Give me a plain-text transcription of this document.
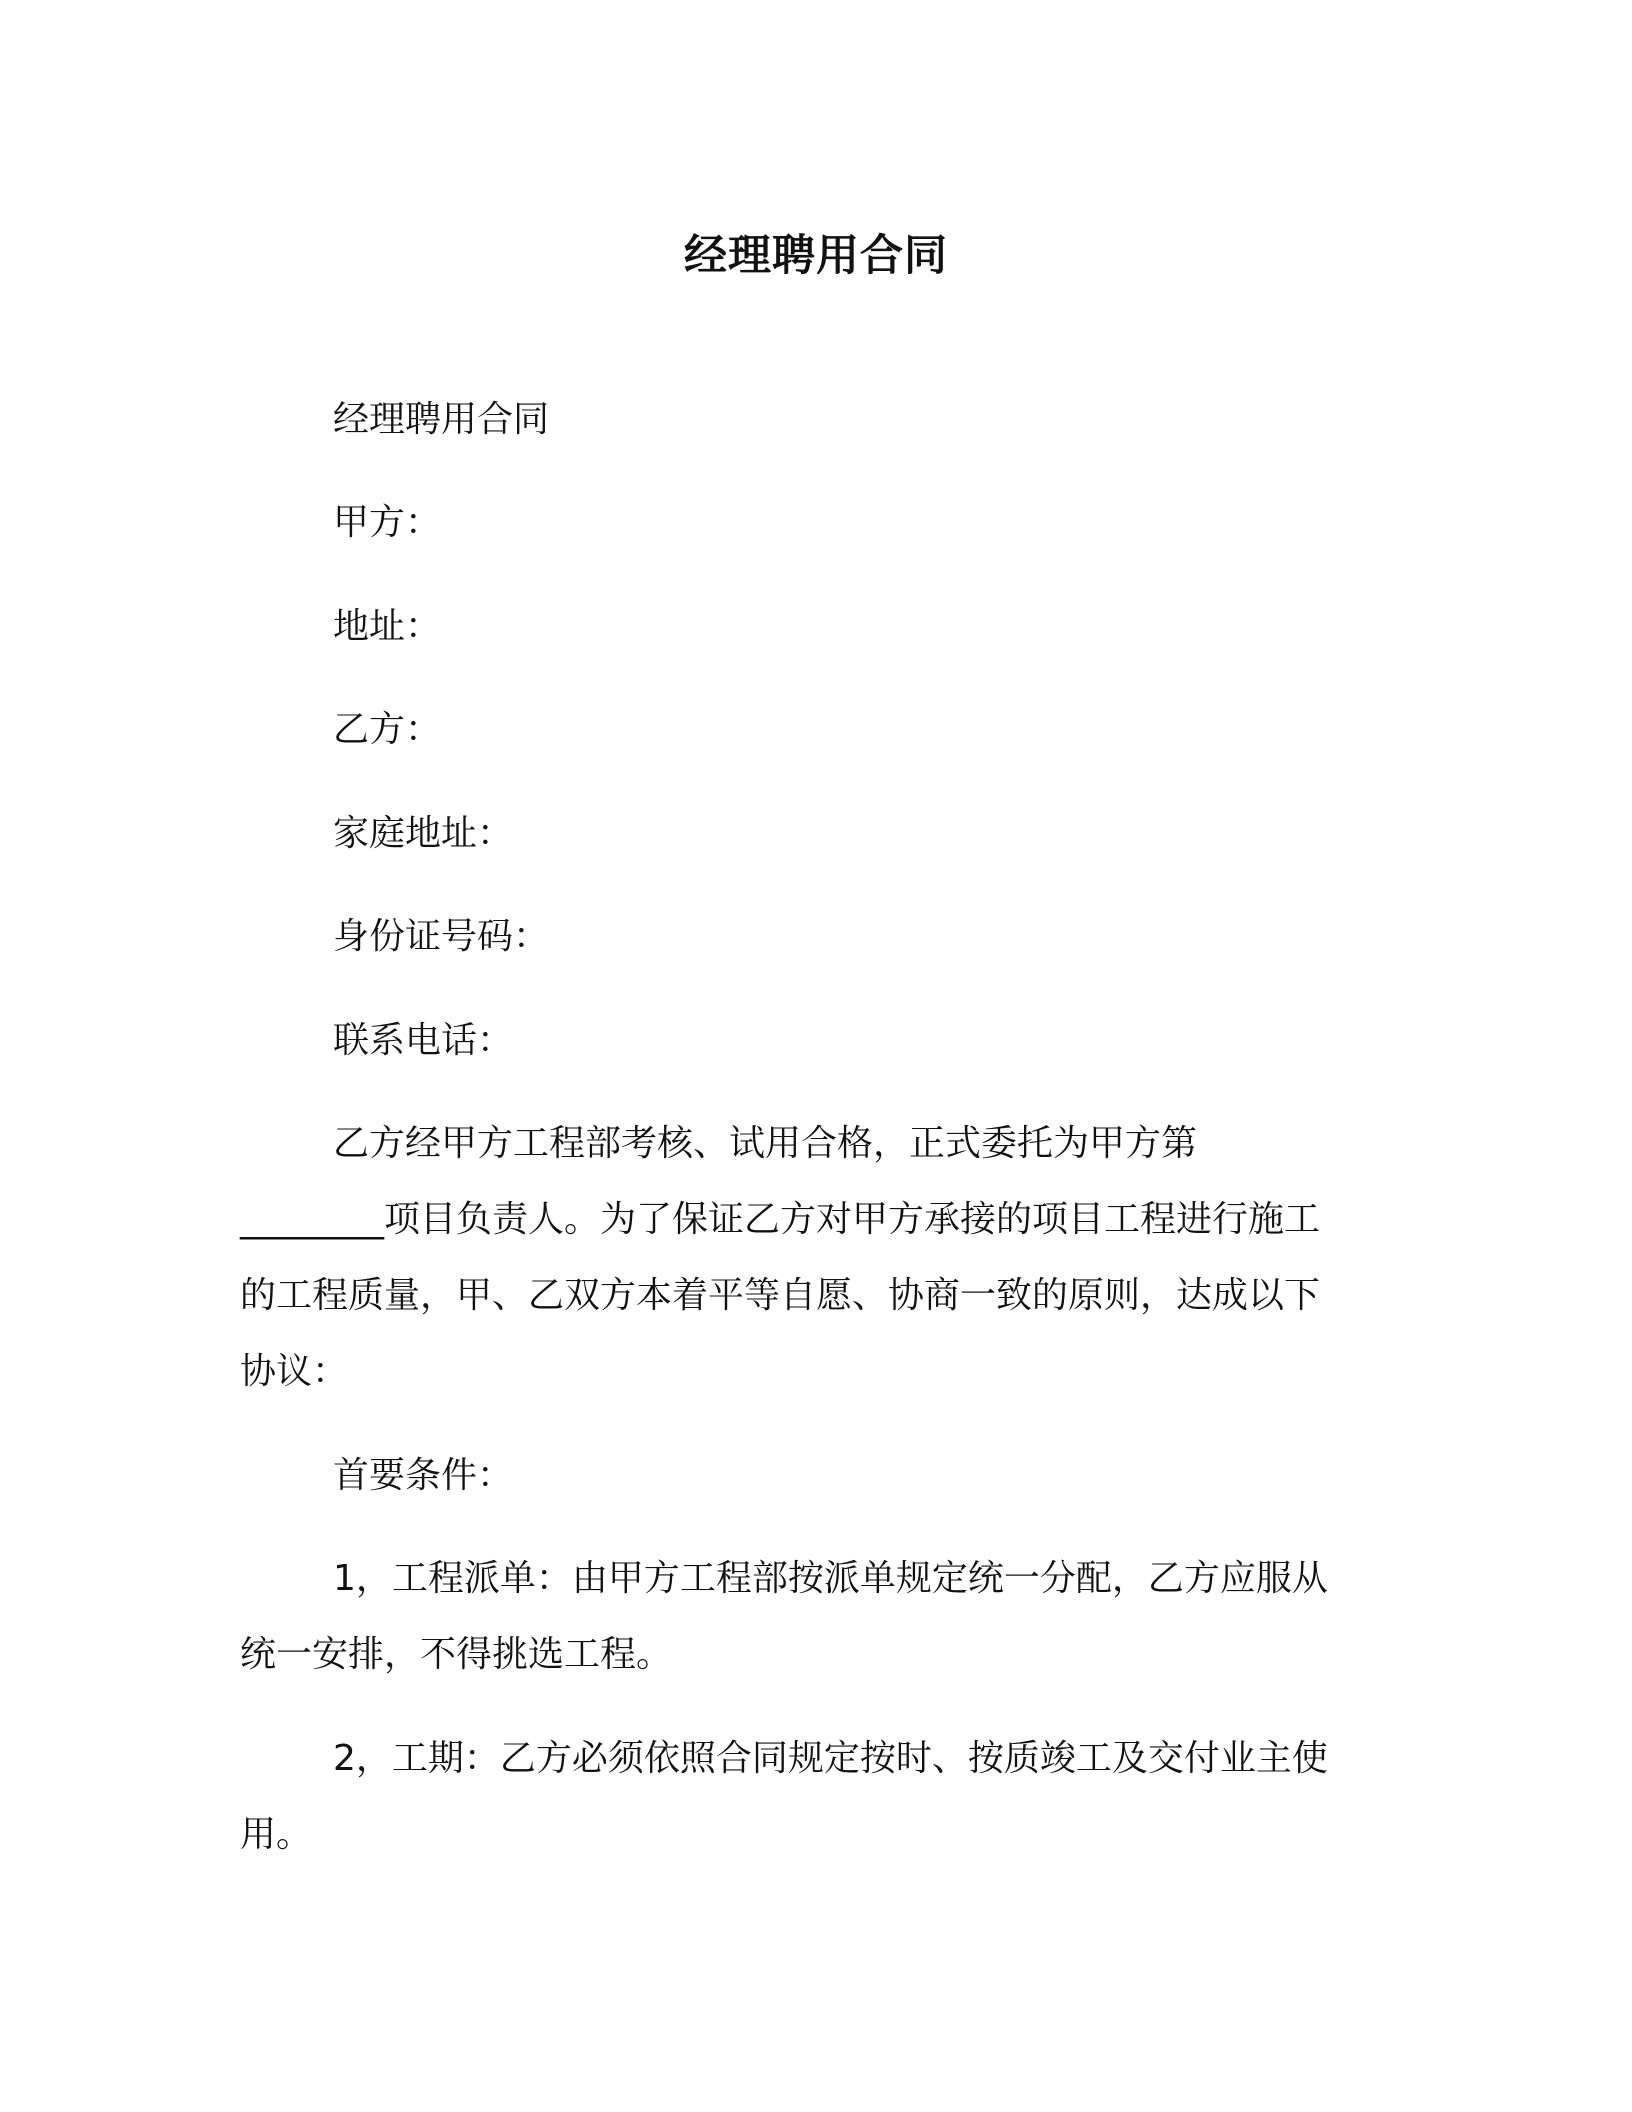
经理聘用合同
经理聘用合同
甲方：
地址：
乙方：
家庭地址：
身份证号码：
联系电话：
乙方经甲方工程部考核、试用合格，正式委托为甲方第
________项目负责人。为了保证乙方对甲方承接的项目工程进行施工
的工程质量，甲、乙双方本着平等自愿、协商一致的原则，达成以下
协议：
首要条件：
1，工程派单：由甲方工程部按派单规定统一分配，乙方应服从
统一安排，不得挑选工程。
2，工期：乙方必须依照合同规定按时、按质竣工及交付业主使
用。
